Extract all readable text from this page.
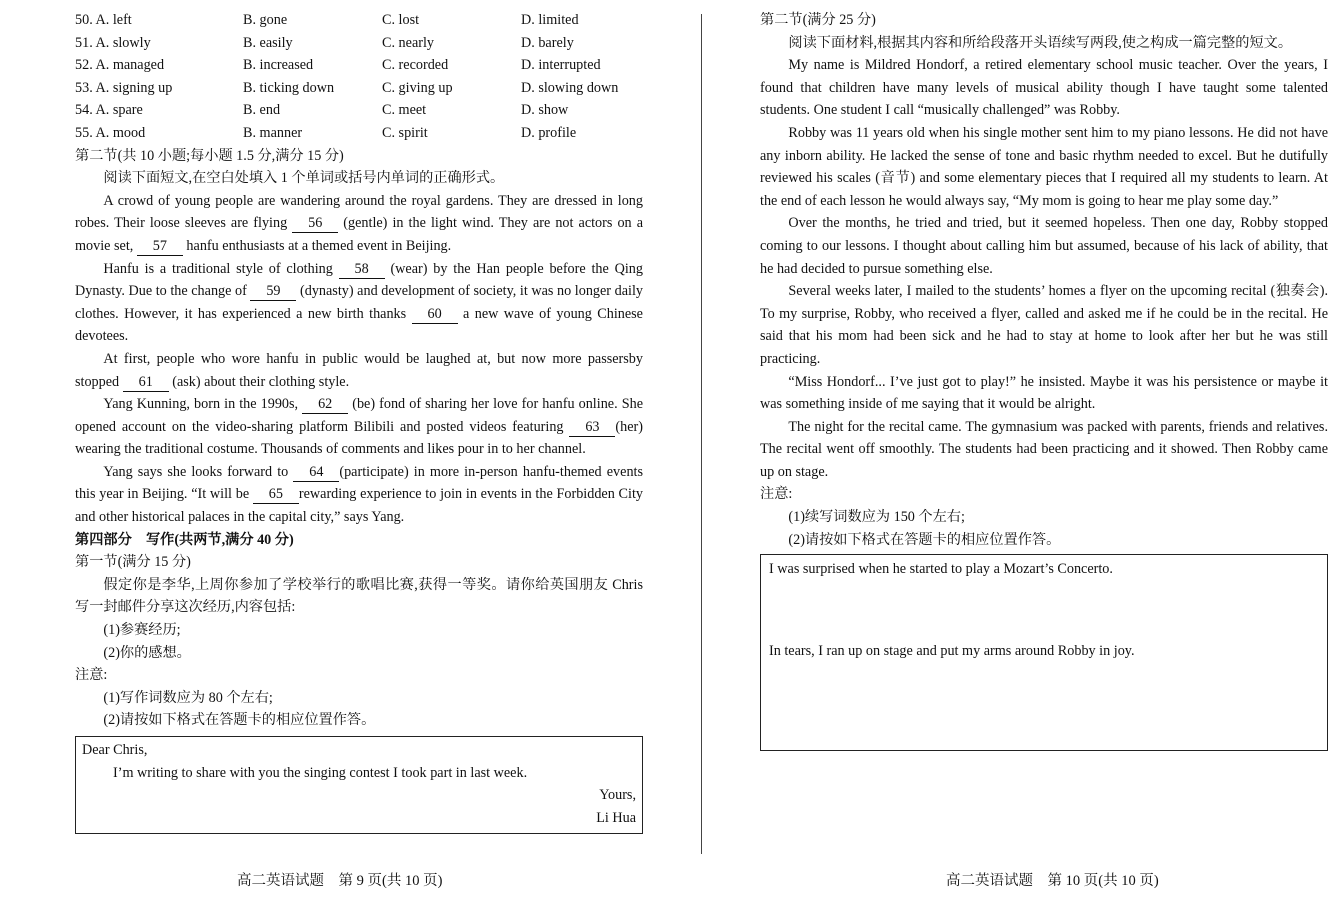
50. A. left	B. gone	C. lost	D. limited
51. A. slowly	B. easily	C. nearly	D. barely
52. A. managed	B. increased	C. recorded	D. interrupted
53. A. signing up	B. ticking down	C. giving up	D. slowing down
54. A. spare	B. end	C. meet	D. show
55. A. mood	B. manner	C. spirit	D. profile

第二节(共 10 小题;每小题 1.5 分,满分 15 分)

阅读下面短文,在空白处填入 1 个单词或括号内单词的正确形式。

A crowd of young people are wandering around the royal gardens. They are dressed in long robes. Their loose sleeves are flying 56 (gentle) in the light wind. They are not actors on a movie set, 57 hanfu enthusiasts at a themed event in Beijing.

Hanfu is a traditional style of clothing 58 (wear) by the Han people before the Qing Dynasty. Due to the change of 59 (dynasty) and development of society, it was no longer daily clothes. However, it has experienced a new birth thanks 60 a new wave of young Chinese devotees.

At first, people who wore hanfu in public would be laughed at, but now more passersby stopped 61 (ask) about their clothing style.

Yang Kunning, born in the 1990s, 62 (be) fond of sharing her love for hanfu online. She opened account on the video-sharing platform Bilibili and posted videos featuring 63 (her) wearing the traditional costume. Thousands of comments and likes pour in to her channel.

Yang says she looks forward to 64 (participate) in more in-person hanfu-themed events this year in Beijing. “It will be 65 rewarding experience to join in events in the Forbidden City and other historical palaces in the capital city,” says Yang.

第四部分　写作(共两节,满分 40 分)

第一节(满分 15 分)

假定你是李华,上周你参加了学校举行的歌唱比赛,获得一等奖。请你给英国朋友 Chris 写一封邮件分享这次经历,内容包括:

(1)参赛经历;

(2)你的感想。

注意:

(1)写作词数应为 80 个左右;

(2)请按如下格式在答题卡的相应位置作答。

Dear Chris,
I’m writing to share with you the singing contest I took part in last week.
Yours,
Li Hua

第二节(满分 25 分)

阅读下面材料,根据其内容和所给段落开头语续写两段,使之构成一篇完整的短文。

My name is Mildred Hondorf, a retired elementary school music teacher. Over the years, I found that children have many levels of musical ability though I have taught some talented students. One student I call “musically challenged” was Robby.

Robby was 11 years old when his single mother sent him to my piano lessons. He did not have any inborn ability. He lacked the sense of tone and basic rhythm needed to excel. But he dutifully reviewed his scales (音节) and some elementary pieces that I required all my students to learn. At the end of each lesson he would always say, “My mom is going to hear me play some day.”

Over the months, he tried and tried, but it seemed hopeless. Then one day, Robby stopped coming to our lessons. I thought about calling him but assumed, because of his lack of ability, that he had decided to pursue something else.

Several weeks later, I mailed to the students’ homes a flyer on the upcoming recital (独奏会). To my surprise, Robby, who received a flyer, called and asked me if he could be in the recital. He said that his mom had been sick and he had to stay at home to look after her but he was still practicing.

“Miss Hondorf... I’ve just got to play!” he insisted. Maybe it was his persistence or maybe it was something inside of me saying that it would be alright.

The night for the recital came. The gymnasium was packed with parents, friends and relatives. The recital went off smoothly. The students had been practicing and it showed. Then Robby came up on stage.

注意:

(1)续写词数应为 150 个左右;

(2)请按如下格式在答题卡的相应位置作答。

I was surprised when he started to play a Mozart’s Concerto.
In tears, I ran up on stage and put my arms around Robby in joy.
高二英语试题　第 9 页(共 10 页)	高二英语试题　第 10 页(共 10 页)
